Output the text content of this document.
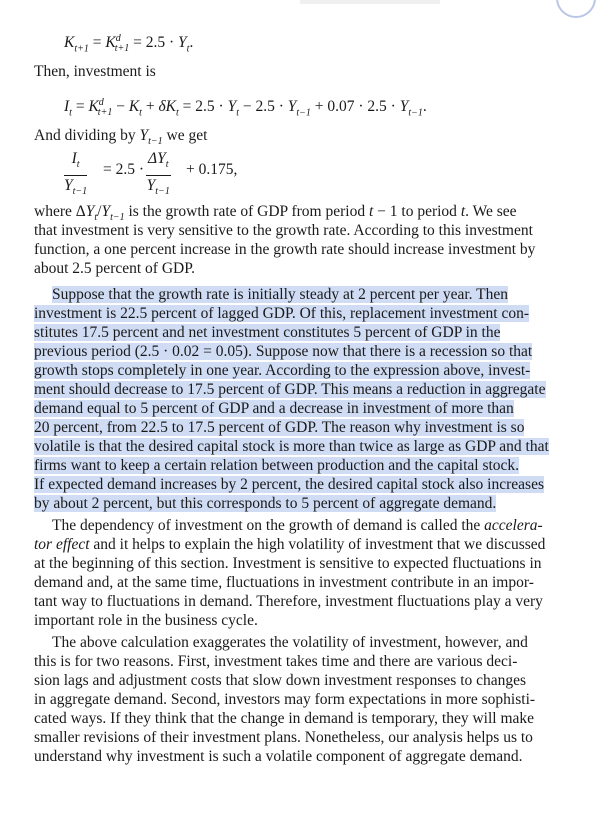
$K_{t+1} = K^d_{t+1} = 2.5 \cdot Y_t$.
Then, investment is
$I_t = K^d_{t+1} - K_t + \delta K_t = 2.5 \cdot Y_t - 2.5 \cdot Y_{t-1} + 0.07 \cdot 2.5 \cdot Y_{t-1}$.
And dividing by $Y_{t-1}$ we get
$\frac{I_t}{Y_{t-1}} = 2.5$ ·
$\Delta Y_t$
$Y_{t-1}$
+ 0.175,
where $\Delta Y_t/Y_{t-1}$ is the growth rate of GDP from period t − 1 to period t. We see
that investment is very sensitive to the growth rate. According to this investment
function, a one percent increase in the growth rate should increase investment by
about 2.5 percent of GDP.
Suppose that the growth rate is initially steady at 2 percent per year. Then
investment is 22.5 percent of lagged GDP. Of this, replacement investment con-
stitutes 17.5 percent and net investment constitutes 5 percent of GDP in the
previous period (2.5 · 0.02 = 0.05). Suppose now that there is a recession so that
growth stops completely in one year. According to the expression above, invest-
ment should decrease to 17.5 percent of GDP. This means a reduction in aggregate
demand equal to 5 percent of GDP and a decrease in investment of more than
20 percent, from 22.5 to 17.5 percent of GDP. The reason why investment is so
volatile is that the desired capital stock is more than twice as large as GDP and that
firms want to keep a certain relation between production and the capital stock.
If expected demand increases by 2 percent, the desired capital stock also increases
by about 2 percent, but this corresponds to 5 percent of aggregate demand.
The dependency of investment on the growth of demand is called the accelera-
tor effect and it helps to explain the high volatility of investment that we discussed
at the beginning of this section. Investment is sensitive to expected fluctuations in
demand and, at the same time, fluctuations in investment contribute in an impor-
tant way to fluctuations in demand. Therefore, investment fluctuations play a very
important role in the business cycle.
The above calculation exaggerates the volatility of investment, however, and
this is for two reasons. First, investment takes time and there are various deci-
sion lags and adjustment costs that slow down investment responses to changes
in aggregate demand. Second, investors may form expectations in more sophisti-
cated ways. If they think that the change in demand is temporary, they will make
smaller revisions of their investment plans. Nonetheless, our analysis helps us to
understand why investment is such a volatile component of aggregate demand.
